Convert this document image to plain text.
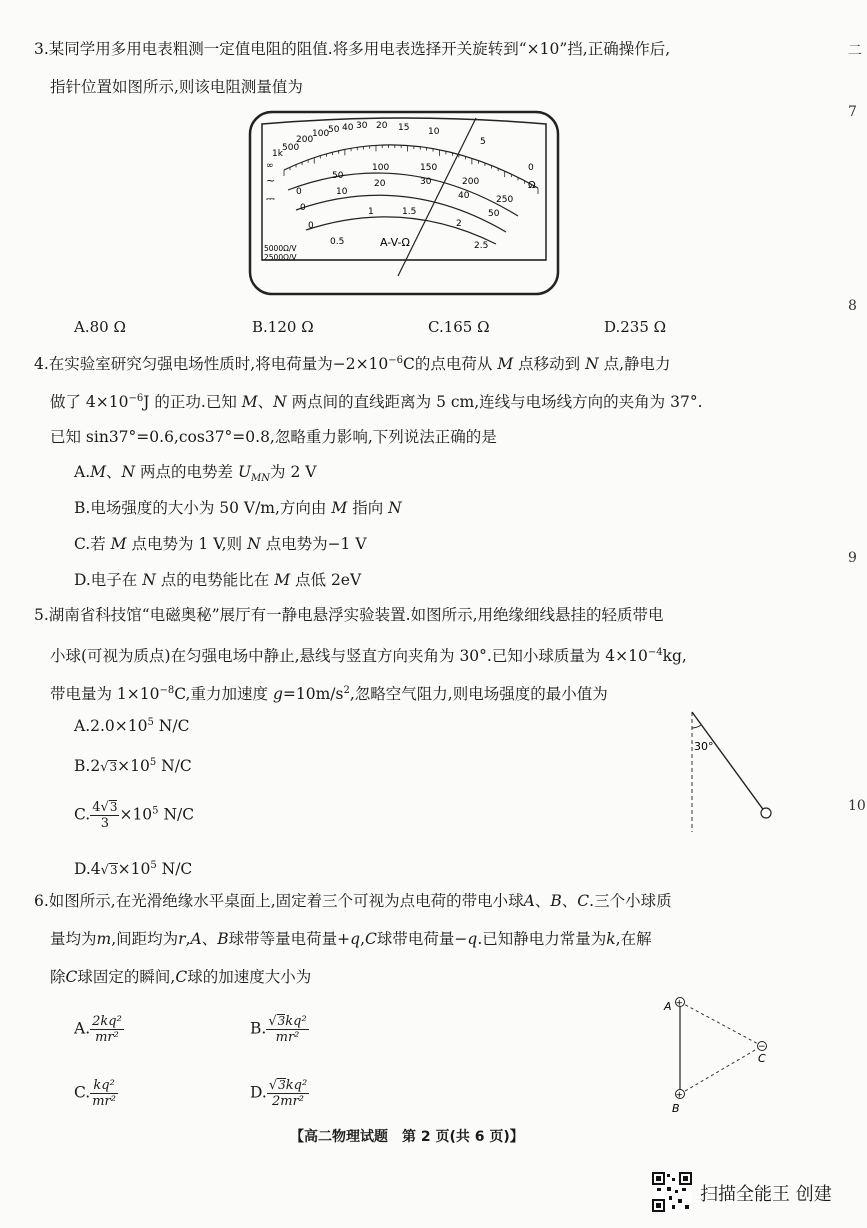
3.某同学用多用电表粗测一定值电阻的阻值.将多用电表选择开关旋转到“×10”挡,正确操作后,
指针位置如图所示,则该电阻测量值为
∞
1k
500
200
100
50 40 30 20 15 10
5
0
Ω
0
50
100	150
200
250
0
10
20	30
40
50
0
0.5
1	1.5
2
2.5
⎓
~
A-V-Ω
5000Ω/V
2500Ω/V
A.80 Ω	B.120 Ω	C.165 Ω	D.235 Ω
4.在实验室研究匀强电场性质时,将电荷量为$-2\times 10^{-6}C$的点电荷从 M 点移动到 N 点,静电力
做了 $4\times 10^{-6}J$ 的正功.已知 M、N 两点间的直线距离为 5 cm,连线与电场线方向的夹角为 37°.
已知 sin37°=0.6,cos37°=0.8,忽略重力影响,下列说法正确的是
A.M、N 两点的电势差 $U_{MN}$为 2 V
B.电场强度的大小为 50 V/m,方向由 M 指向 N
C.若 M 点电势为 1 V,则 N 点电势为−1 V
D.电子在 N 点的电势能比在 M 点低 2eV
5.湖南省科技馆“电磁奥秘”展厅有一静电悬浮实验装置.如图所示,用绝缘细线悬挂的轻质带电
小球(可视为质点)在匀强电场中静止,悬线与竖直方向夹角为 30°.已知小球质量为 $4\times 10^{-4}kg$,
带电量为 $1\times 10^{-8}C$,重力加速度 $g=10m/s^2$,忽略空气阻力,则电场强度的最小值为
$A.2.0\times 10^5$ N/C
$B.2√3\times 10^5$ N/C
C. $\frac{4√3}{3} \times 10^5$ N/C
$D.4√3\times 10^5$ N/C
30°
6.如图所示,在光滑绝缘水平桌面上,固定着三个可视为点电荷的带电小球A、B、C.三个小球质
量均为m,间距均为r,A、B球带等量电荷量+q,C球带电荷量−q.已知静电力常量为k,在解
除C球固定的瞬间,C球的加速度大小为
A. $\frac{\text{2kq²}}{\text{mr²}}$	B. $\frac{\text{√3kq²}}{\text{mr²}}$
C. $\frac{\text{kq²}}{\text{mr²}}$	D. $\frac{\text{√3kq²}}{\text{2mr²}}$
+
+
−
A
B
C
二
7
8
9
10
【高二物理试题　第 2 页(共 6 页)】
扫描全能王 创建
